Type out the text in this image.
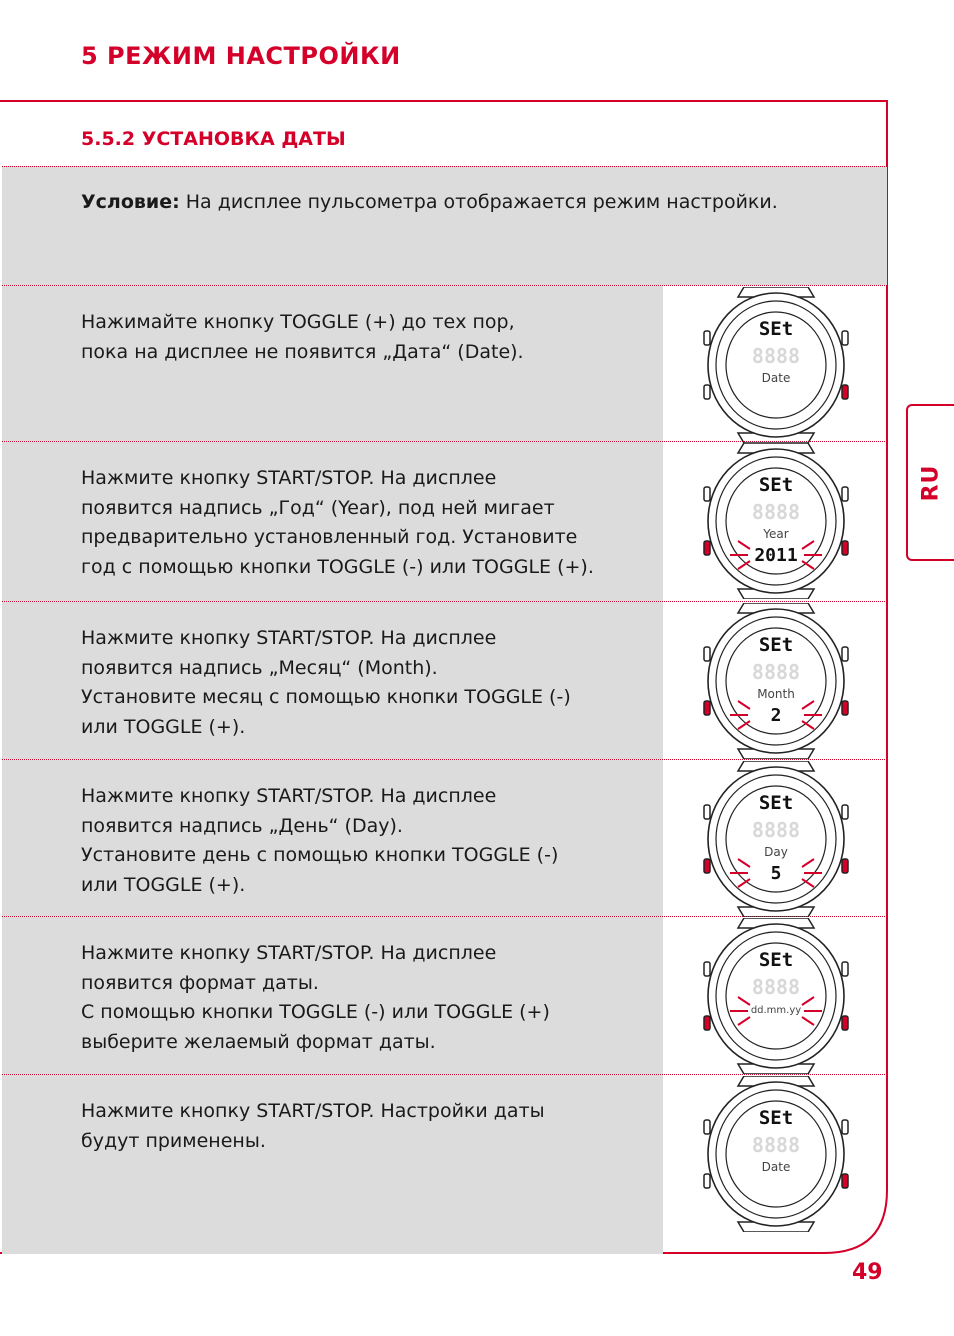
5 РЕЖИМ НАСТРОЙКИ
5.5.2 УСТАНОВКА ДАТЫ

Условие: На дисплее пульсометра отображается режим настройки.

Нажимайте кнопку TOGGLE (+) до тех пор,

пока на дисплее не появится „Дата“ (Date).

Нажмите кнопку START/STOP. На дисплее

появится надпись „Год“ (Year), под ней мигает

предварительно установленный год. Установите

год с помощью кнопки TOGGLE (-) или TOGGLE (+).

Нажмите кнопку START/STOP. На дисплее

появится надпись „Месяц“ (Month).

Установите месяц с помощью кнопки TOGGLE (-)

или TOGGLE (+).

Нажмите кнопку START/STOP. На дисплее

появится надпись „День“ (Day).

Установите день с помощью кнопки TOGGLE (-)

или TOGGLE (+).

Нажмите кнопку START/STOP. На дисплее

появится формат даты.

С помощью кнопки TOGGLE (-) или TOGGLE (+)

выберите желаемый формат даты.

Нажмите кнопку START/STOP. Настройки даты

будут применены.

RU
49
8888
SEt
Date
8888
SEt
Year
2011
8888
SEt
Month
2
8888
SEt
Day
5
8888
SEt
dd.mm.yy
8888
SEt
Date
